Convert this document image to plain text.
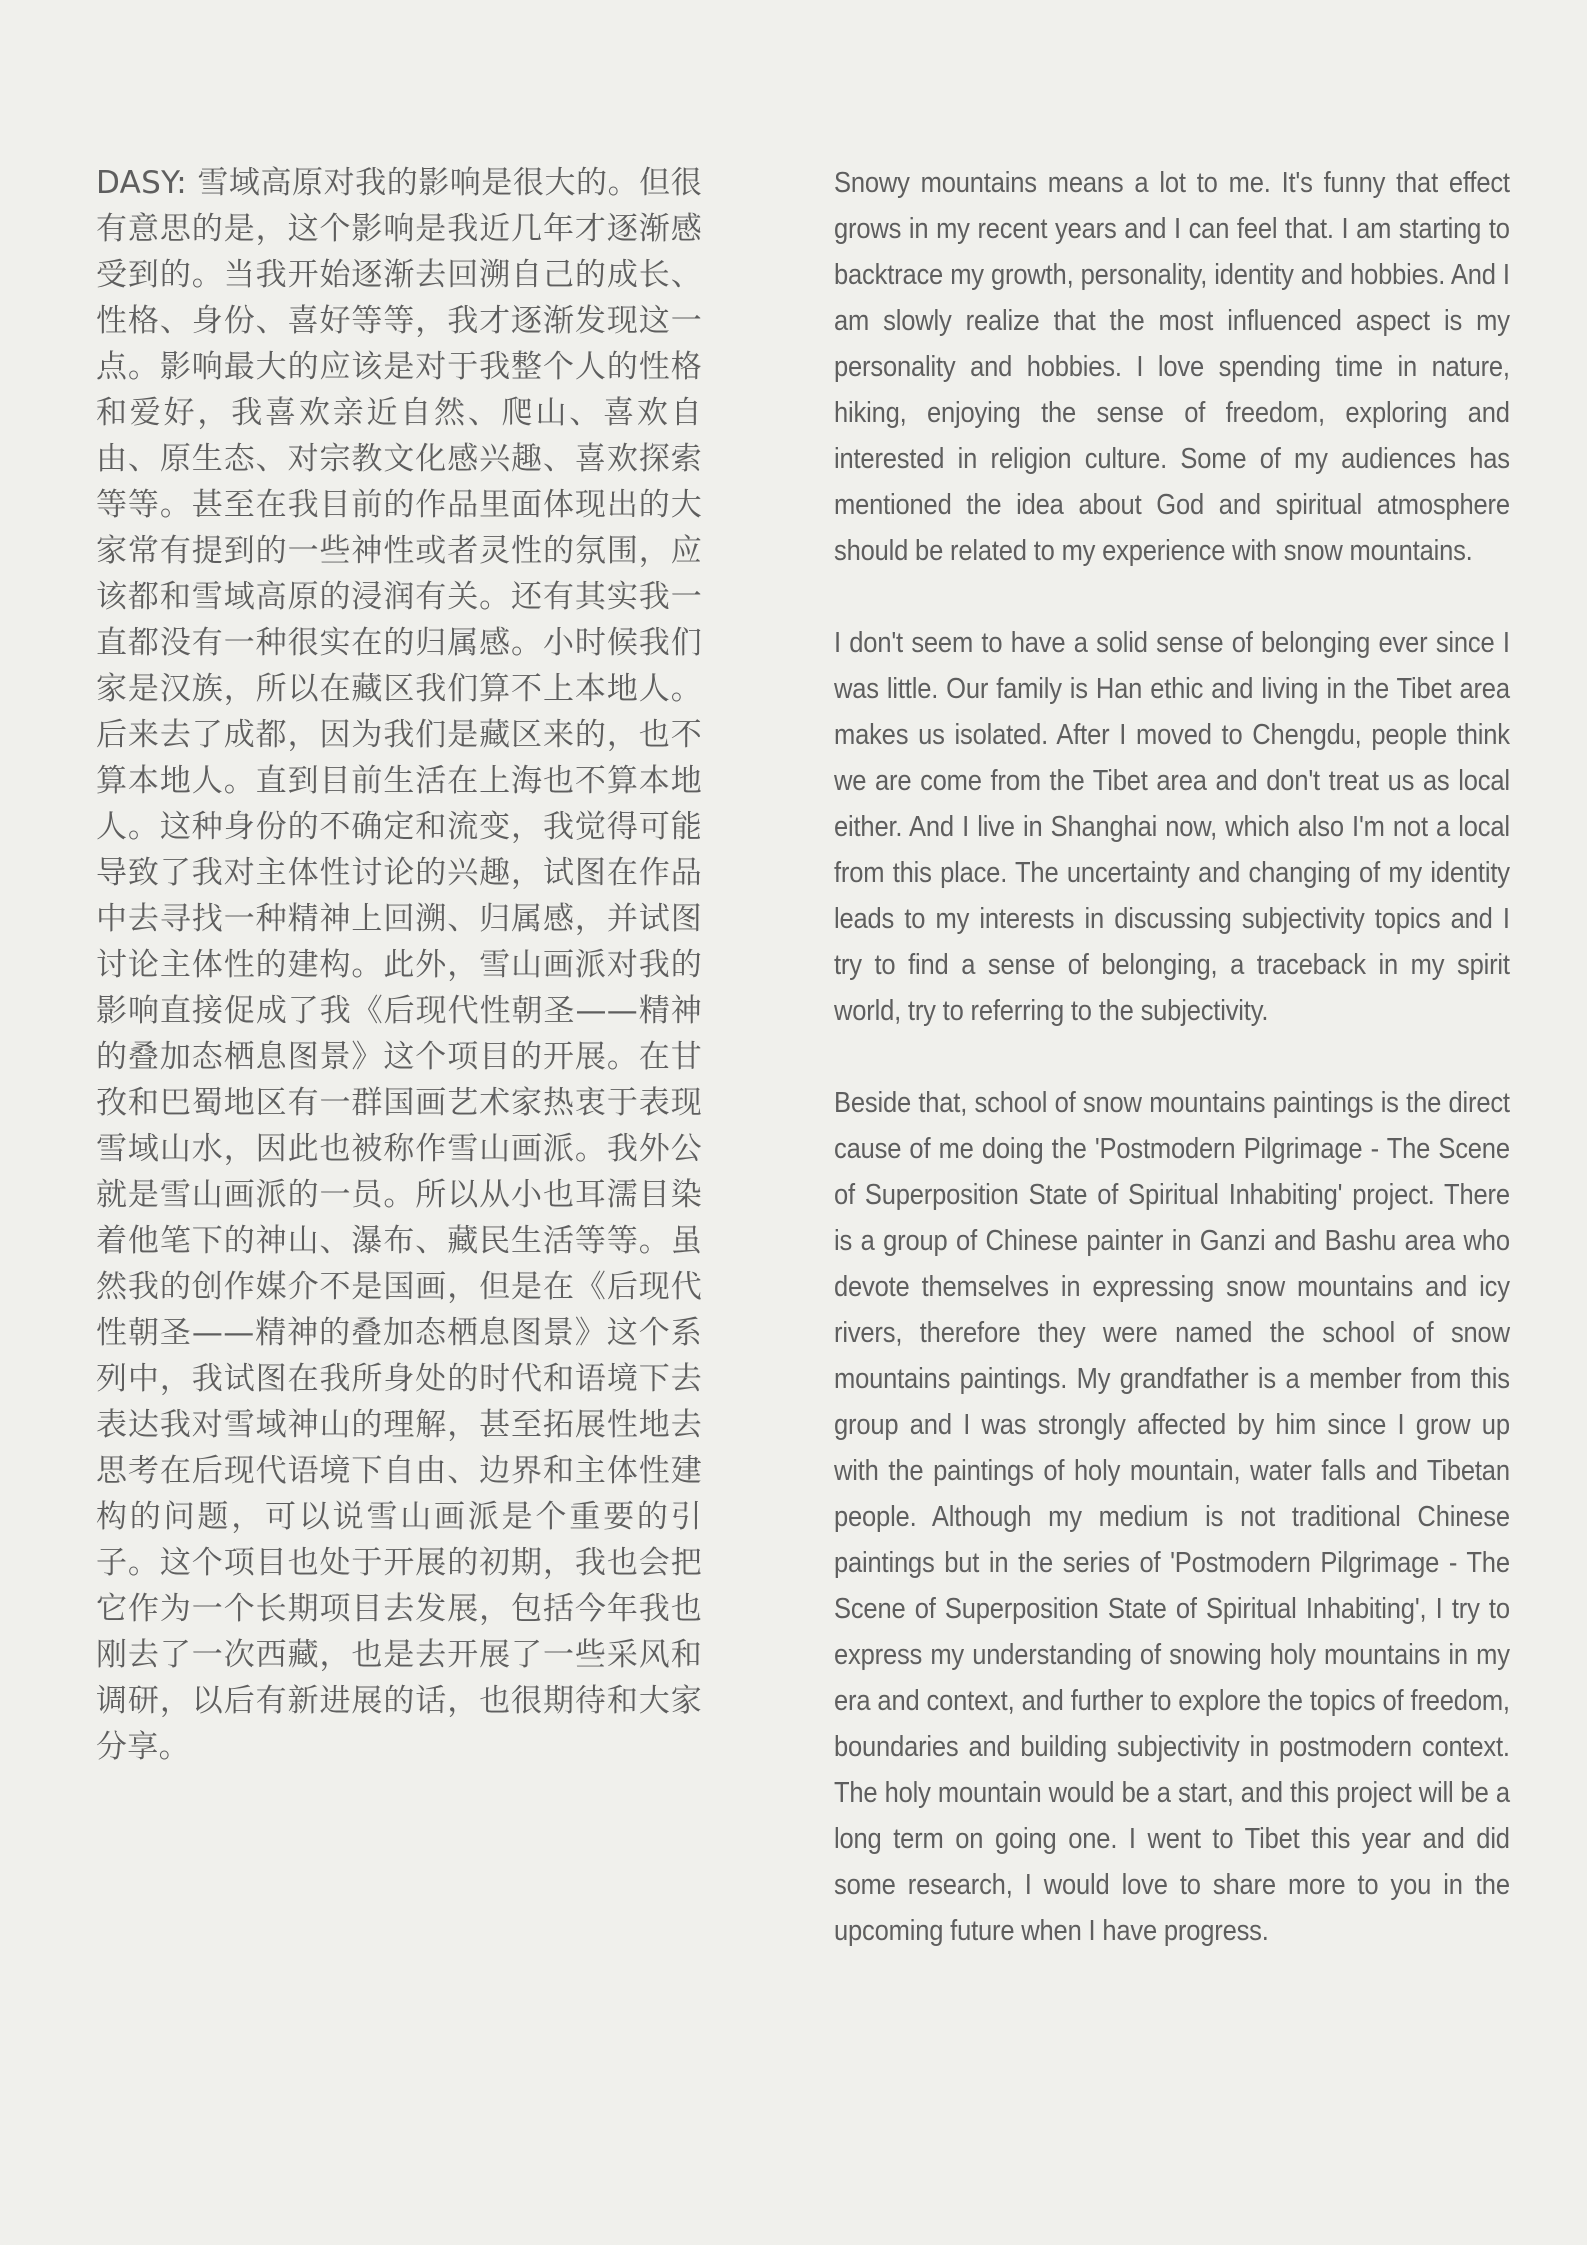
DASY: 雪域高原对我的影响是很大的。但很有意思的是，这个影响是我近几年才逐渐感受到的。当我开始逐渐去回溯自己的成长、性格、身份、喜好等等，我才逐渐发现这一点。影响最大的应该是对于我整个人的性格和爱好，我喜欢亲近自然、爬山、喜欢自由、原生态、对宗教文化感兴趣、喜欢探索等等。甚至在我目前的作品里面体现出的大家常有提到的一些神性或者灵性的氛围，应该都和雪域高原的浸润有关。还有其实我一直都没有一种很实在的归属感。小时候我们家是汉族，所以在藏区我们算不上本地人。后来去了成都，因为我们是藏区来的，也不算本地人。直到目前生活在上海也不算本地人。这种身份的不确定和流变，我觉得可能导致了我对主体性讨论的兴趣，试图在作品中去寻找一种精神上回溯、归属感，并试图讨论主体性的建构。此外，雪山画派对我的影响直接促成了我《后现代性朝圣——精神的叠加态栖息图景》这个项目的开展。在甘孜和巴蜀地区有一群国画艺术家热衷于表现雪域山水，因此也被称作雪山画派。我外公就是雪山画派的一员。所以从小也耳濡目染着他笔下的神山、瀑布、藏民生活等等。虽然我的创作媒介不是国画，但是在《后现代性朝圣——精神的叠加态栖息图景》这个系列中，我试图在我所身处的时代和语境下去表达我对雪域神山的理解，甚至拓展性地去思考在后现代语境下自由、边界和主体性建构的问题，可以说雪山画派是个重要的引子。这个项目也处于开展的初期，我也会把它作为一个长期项目去发展，包括今年我也刚去了一次西藏，也是去开展了一些采风和调研，以后有新进展的话，也很期待和大家分享。

Snowy mountains means a lot to me. It's funny that effect grows in my recent years and I can feel that. I am starting to backtrace my growth, personality, identity and hobbies. And I am slowly realize that the most influenced aspect is my personality and hobbies. I love spending time in nature, hiking, enjoying the sense of freedom, exploring and interested in religion culture. Some of my audiences has mentioned the idea about God and spiritual atmosphere should be related to my experience with snow mountains.

I don't seem to have a solid sense of belonging ever since I was little. Our family is Han ethic and living in the Tibet area makes us isolated. After I moved to Chengdu, people think we are come from the Tibet area and don't treat us as local either. And I live in Shanghai now, which also I'm not a local from this place. The uncertainty and changing of my identity leads to my interests in discussing subjectivity topics and I try to find a sense of belonging, a traceback in my spirit world, try to referring to the subjectivity.

Beside that, school of snow mountains paintings is the direct cause of me doing the 'Postmodern Pilgrimage - The Scene of Superposition State of Spiritual Inhabiting' project. There is a group of Chinese painter in Ganzi and Bashu area who devote themselves in expressing snow mountains and icy rivers, therefore they were named the school of snow mountains paintings. My grandfather is a member from this group and I was strongly affected by him since I grow up with the paintings of holy mountain, water falls and Tibetan people. Although my medium is not traditional Chinese paintings but in the series of 'Postmodern Pilgrimage - The Scene of Superposition State of Spiritual Inhabiting', I try to express my understanding of snowing holy mountains in my era and context, and further to explore the topics of freedom, boundaries and building subjectivity in postmodern context. The holy mountain would be a start, and this project will be a long term on going one. I went to Tibet this year and did some research, I would love to share more to you in the upcoming future when I have progress.
